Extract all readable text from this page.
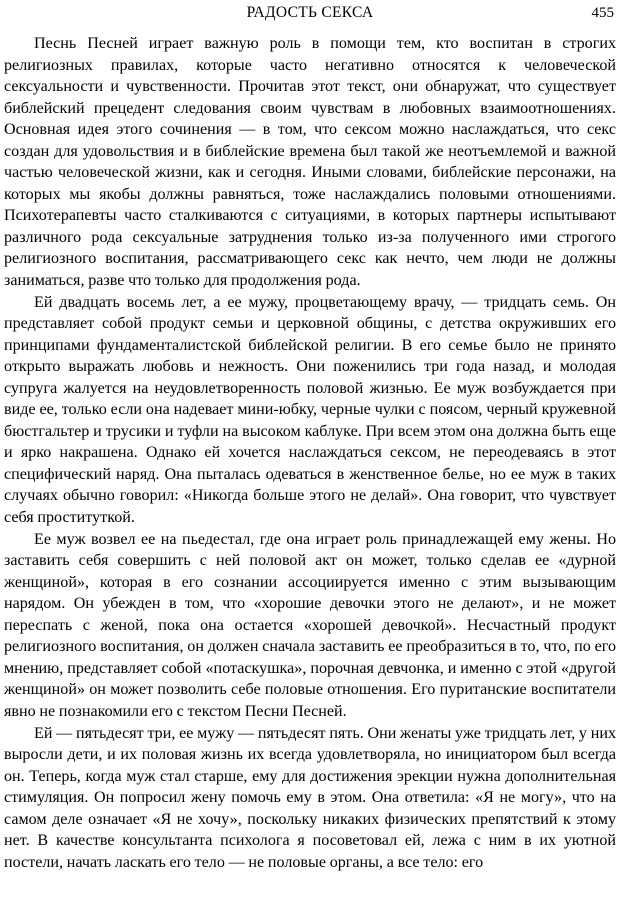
РАДОСТЬ СЕКСА	455

Песнь Песней играет важную роль в помощи тем, кто воспитан в строгих религиозных правилах, которые часто негативно относятся к человеческой сексуальности и чувственности. Прочитав этот текст, они обнаружат, что существует библейский прецедент следования своим чувствам в любовных взаимоотношениях. Основная идея этого сочинения — в том, что сексом можно наслаждаться, что секс создан для удовольствия и в библейские времена был такой же неотъемлемой и важной частью человеческой жизни, как и сегодня. Иными словами, библейские персонажи, на которых мы якобы должны равняться, тоже наслаждались половыми отношениями. Психотерапевты часто сталкиваются с ситуациями, в которых партнеры испытывают различного рода сексуальные затруднения только из-за полученного ими строгого религиозного воспитания, рассматривающего секс как нечто, чем люди не должны заниматься, разве что только для продолжения рода.

Ей двадцать восемь лет, а ее мужу, процветающему врачу, — тридцать семь. Он представляет собой продукт семьи и церковной общины, с детства окруживших его принципами фундаменталистской библейской религии. В его семье было не принято открыто выражать любовь и нежность. Они поженились три года назад, и молодая супруга жалуется на неудовлетворенность половой жизнью. Ее муж возбуждается при виде ее, только если она надевает мини-юбку, черные чулки с поясом, черный кружевной бюстгальтер и трусики и туфли на высоком каблуке. При всем этом она должна быть еще и ярко накрашена. Однако ей хочется наслаждаться сексом, не переодеваясь в этот специфический наряд. Она пыталась одеваться в женственное белье, но ее муж в таких случаях обычно говорил: «Никогда больше этого не делай». Она говорит, что чувствует себя проституткой.

Ее муж возвел ее на пьедестал, где она играет роль принадлежащей ему жены. Но заставить себя совершить с ней половой акт он может, только сделав ее «дурной женщиной», которая в его сознании ассоциируется именно с этим вызывающим нарядом. Он убежден в том, что «хорошие девочки этого не делают», и не может переспать с женой, пока она остается «хорошей девочкой». Несчастный продукт религиозного воспитания, он должен сначала заставить ее преобразиться в то, что, по его мнению, представляет собой «потаскушка», порочная девчонка, и именно с этой «другой женщиной» он может позволить себе половые отношения. Его пуританские воспитатели явно не познакомили его с текстом Песни Песней.

Ей — пятьдесят три, ее мужу — пятьдесят пять. Они женаты уже тридцать лет, у них выросли дети, и их половая жизнь их всегда удовлетворяла, но инициатором был всегда он. Теперь, когда муж стал старше, ему для достижения эрекции нужна дополнительная стимуляция. Он попросил жену помочь ему в этом. Она ответила: «Я не могу», что на самом деле означает «Я не хочу», поскольку никаких физических препятствий к этому нет. В качестве консультанта психолога я посоветовал ей, лежа с ним в их уютной постели, начать ласкать его тело — не половые органы, а все тело: его
